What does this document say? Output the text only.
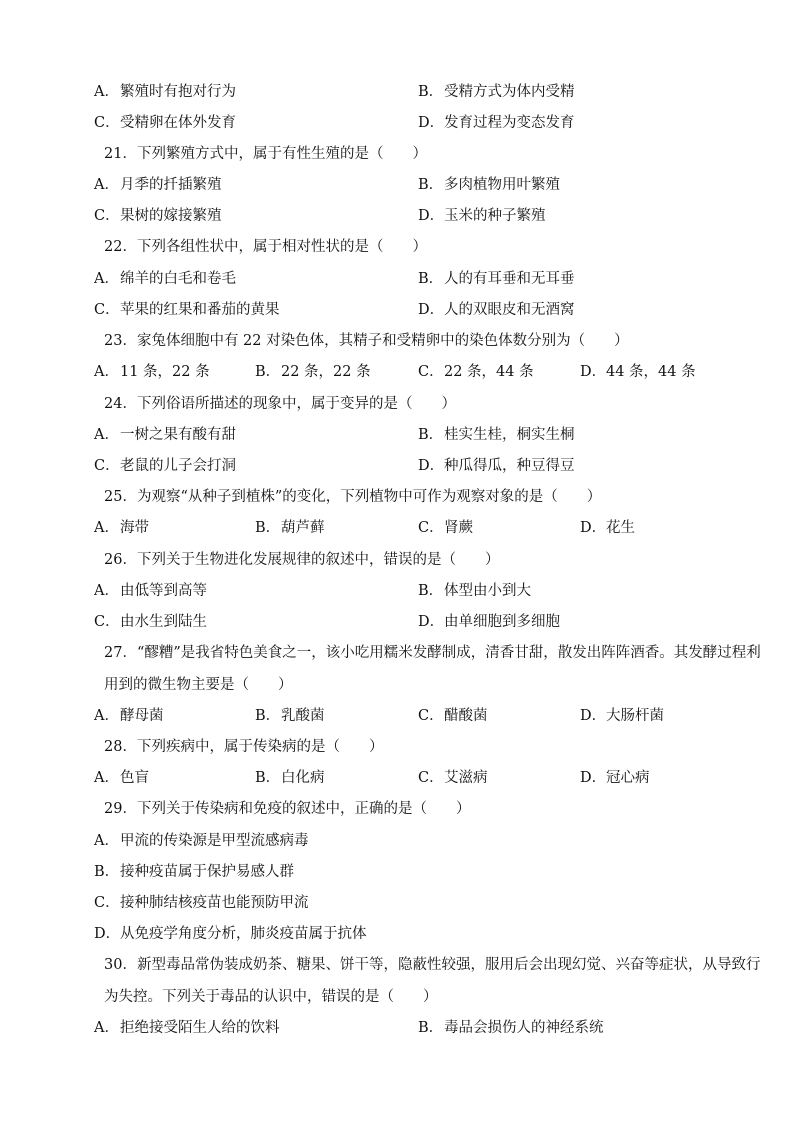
A．繁殖时有抱对行为	B．受精方式为体内受精
C．受精卵在体外发育	D．发育过程为变态发育
21．下列繁殖方式中，属于有性生殖的是（　　）
A．月季的扦插繁殖	B．多肉植物用叶繁殖
C．果树的嫁接繁殖	D．玉米的种子繁殖
22．下列各组性状中，属于相对性状的是（　　）
A．绵羊的白毛和卷毛	B．人的有耳垂和无耳垂
C．苹果的红果和番茄的黄果	D．人的双眼皮和无酒窝
23．家兔体细胞中有 22 对染色体，其精子和受精卵中的染色体数分别为（　　）
A．11 条，22 条	B．22 条，22 条	C．22 条，44 条	D．44 条，44 条
24．下列俗语所描述的现象中，属于变异的是（　　）
A．一树之果有酸有甜	B．桂实生桂，桐实生桐
C．老鼠的儿子会打洞	D．种瓜得瓜，种豆得豆
25．为观察“从种子到植株”的变化，下列植物中可作为观察对象的是（　　）
A．海带	B．葫芦藓	C．肾蕨	D．花生
26．下列关于生物进化发展规律的叙述中，错误的是（　　）
A．由低等到高等	B．体型由小到大
C．由水生到陆生	D．由单细胞到多细胞
27．“醪糟”是我省特色美食之一，该小吃用糯米发酵制成，清香甘甜，散发出阵阵酒香。其发酵过程利用到的微生物主要是（　　）
A．酵母菌	B．乳酸菌	C．醋酸菌	D．大肠杆菌
28．下列疾病中，属于传染病的是（　　）
A．色盲	B．白化病	C．艾滋病	D．冠心病
29．下列关于传染病和免疫的叙述中，正确的是（　　）
A．甲流的传染源是甲型流感病毒
B．接种疫苗属于保护易感人群
C．接种肺结核疫苗也能预防甲流
D．从免疫学角度分析，肺炎疫苗属于抗体
30．新型毒品常伪装成奶茶、糖果、饼干等，隐蔽性较强，服用后会出现幻觉、兴奋等症状，从导致行为失控。下列关于毒品的认识中，错误的是（　　）
A．拒绝接受陌生人给的饮料	B．毒品会损伤人的神经系统
